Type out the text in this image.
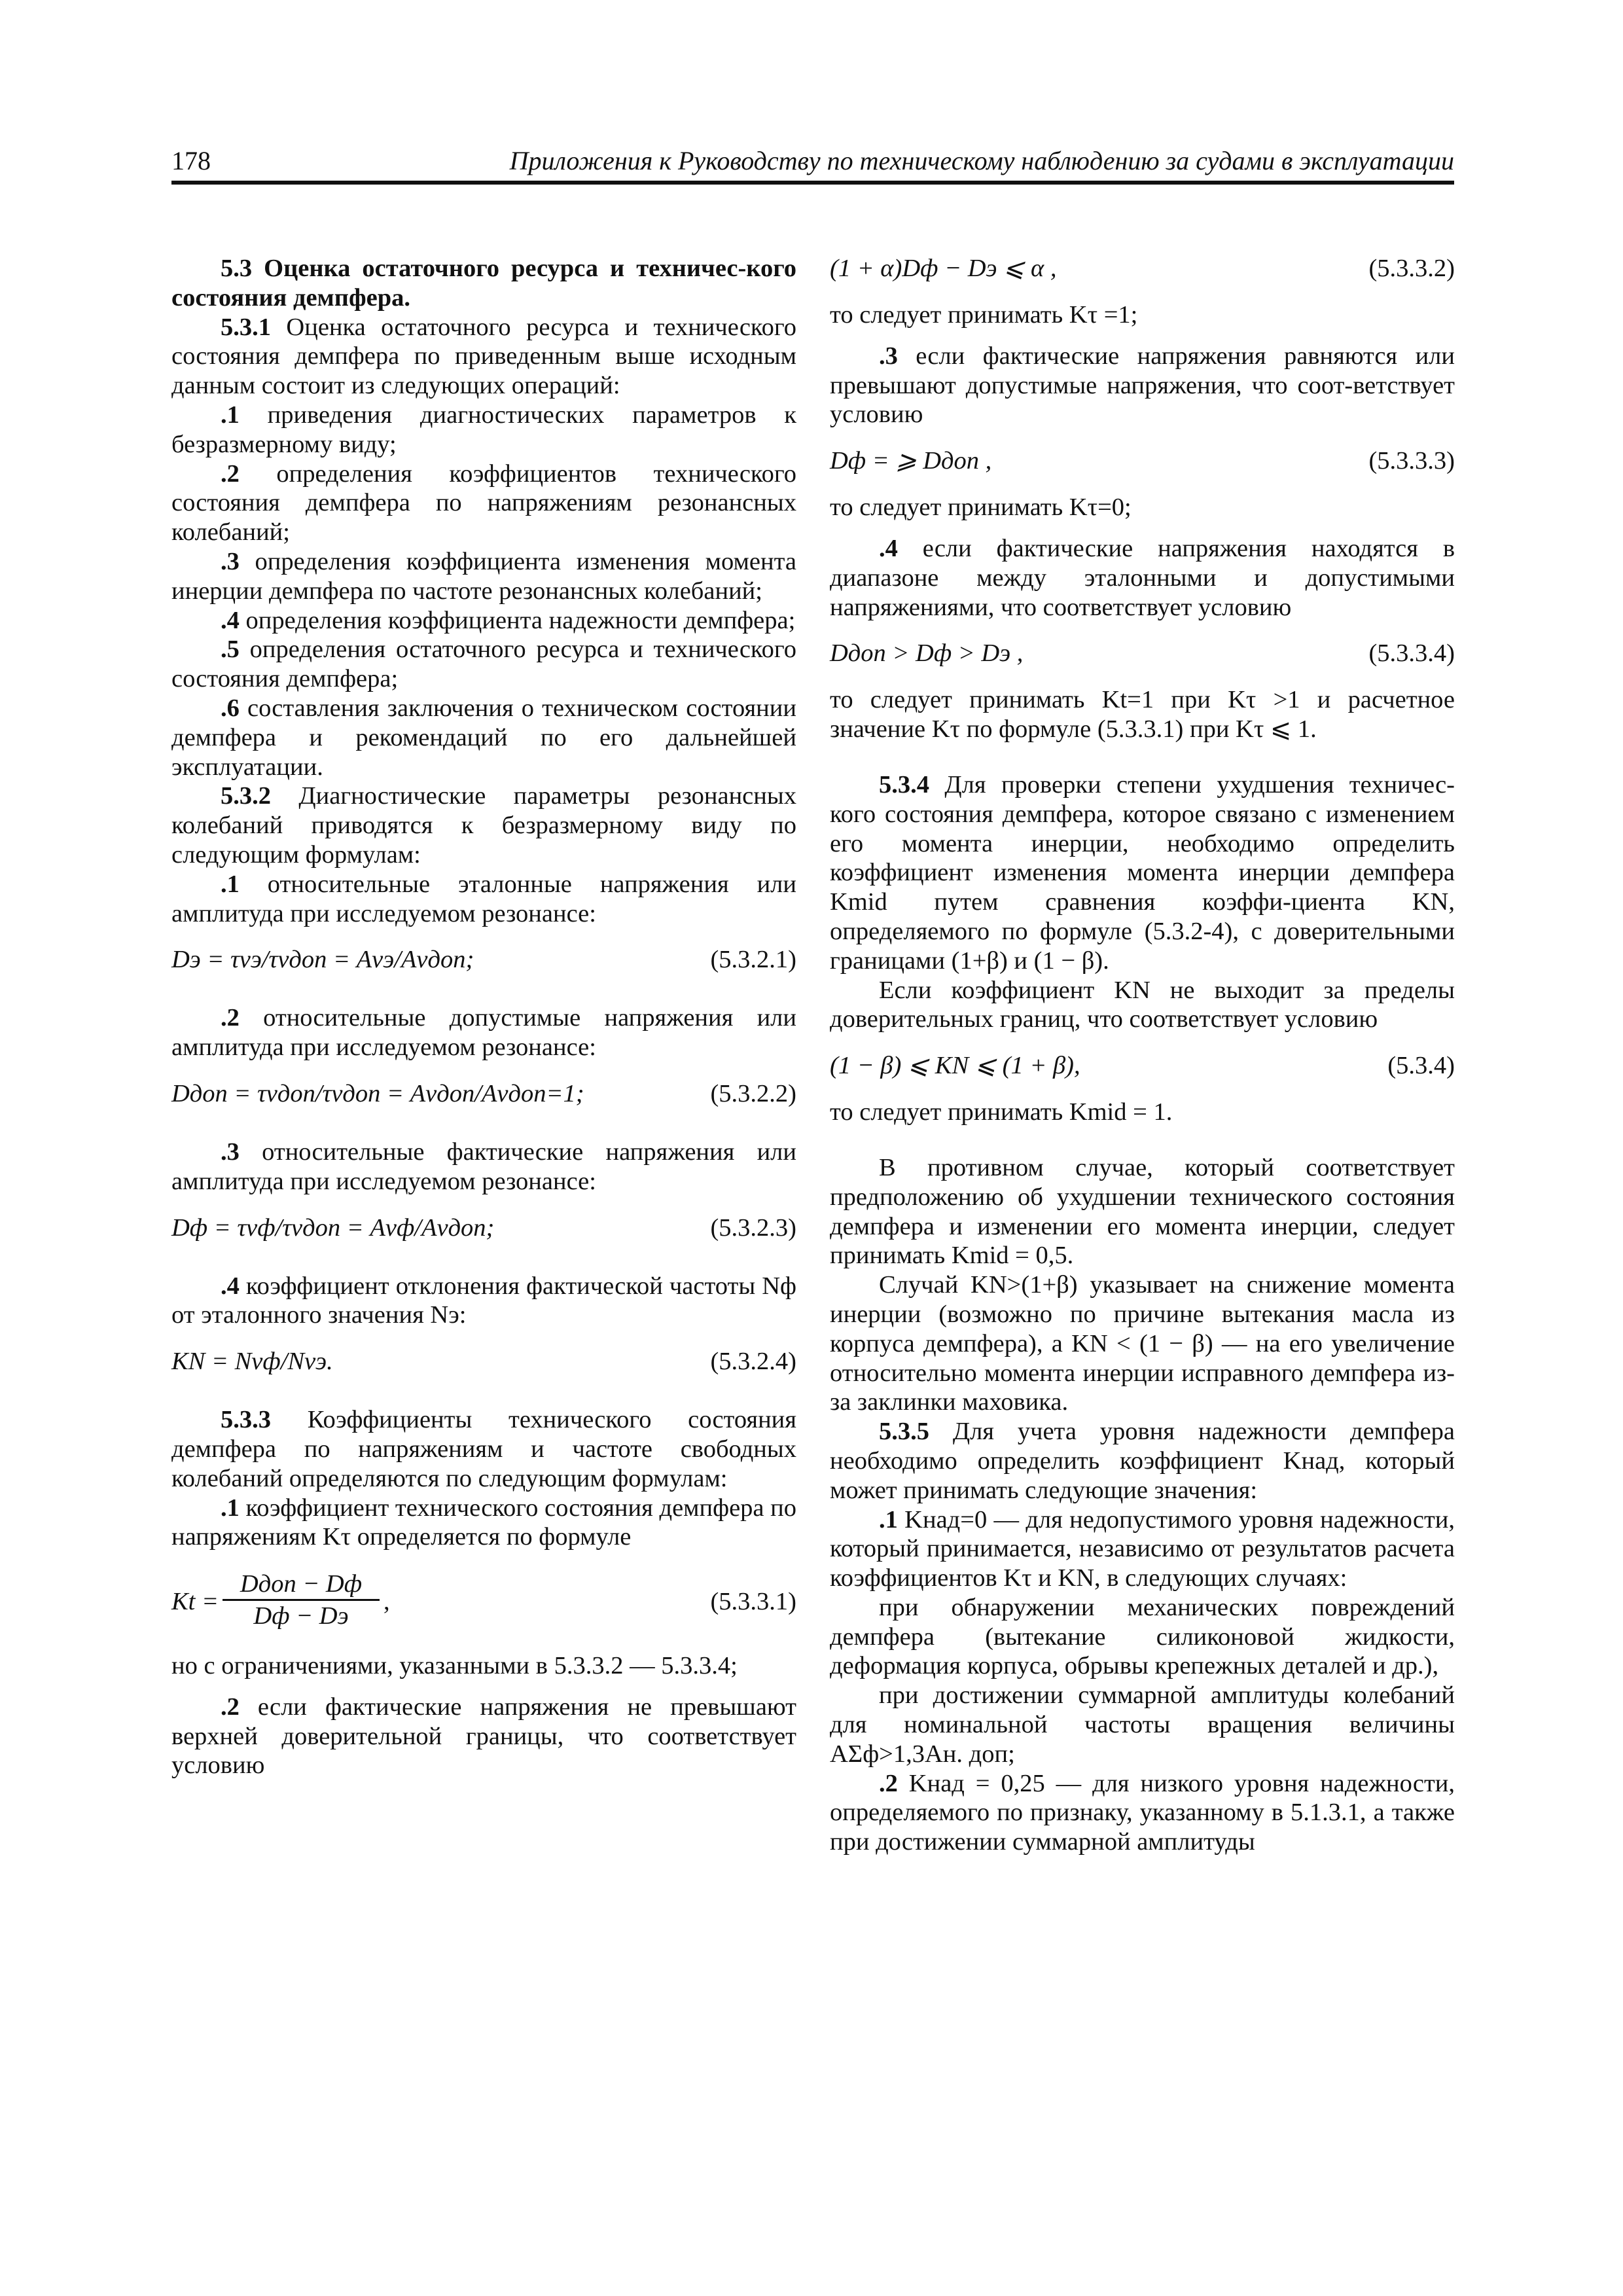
178	Приложения к Руководству по техническому наблюдению за судами в эксплуатации

5.3 Оценка остаточного ресурса и техничес-кого состояния демпфера.

5.3.1 Оценка остаточного ресурса и технического состояния демпфера по приведенным выше исходным данным состоит из следующих операций:

.1 приведения диагностических параметров к безразмерному виду;

.2 определения коэффициентов технического состояния демпфера по напряжениям резонансных колебаний;

.3 определения коэффициента изменения момента инерции демпфера по частоте резонансных колебаний;

.4 определения коэффициента надежности демпфера;

.5 определения остаточного ресурса и технического состояния демпфера;

.6 составления заключения о техническом состоянии демпфера и рекомендаций по его дальнейшей эксплуатации.

5.3.2 Диагностические параметры резонансных колебаний приводятся к безразмерному виду по следующим формулам:

.1 относительные эталонные напряжения или амплитуда при исследуемом резонансе:

Dэ = τνэ/τνдоп = Aνэ/Aνдоп;	(5.3.2.1)

.2 относительные допустимые напряжения или амплитуда при исследуемом резонансе:

Dдоп = τνдоп/τνдоп = Aνдоп/Aνдоп=1;	(5.3.2.2)

.3 относительные фактические напряжения или амплитуда при исследуемом резонансе:

Dф = τνф/τνдоп = Aνф/Aνдоп;	(5.3.2.3)

.4 коэффициент отклонения фактической частоты Nф от эталонного значения Nэ:

KN = Nνф/Nνэ.	(5.3.2.4)

5.3.3 Коэффициенты технического состояния демпфера по напряжениям и частоте свободных колебаний определяются по следующим формулам:

.1 коэффициент технического состояния демпфера по напряжениям Kτ определяется по формуле

Kt =
Dдоп − Dф
Dф − Dэ
,	(5.3.3.1)

но с ограничениями, указанными в 5.3.3.2 — 5.3.3.4;

.2 если фактические напряжения не превышают верхней доверительной границы, что соответствует условию

(1 + α)Dф − Dэ ⩽ α ,	(5.3.3.2)

то следует принимать Kτ =1;

.3 если фактические напряжения равняются или превышают допустимые напряжения, что соот-ветствует условию

Dф = ⩾ Dдоп ,	(5.3.3.3)

то следует принимать Kτ=0;

.4 если фактические напряжения находятся в диапазоне между эталонными и допустимыми напряжениями, что соответствует условию

Dдоп > Dф > Dэ ,	(5.3.3.4)

то следует принимать Kt=1 при Kτ >1 и расчетное значение Kτ по формуле (5.3.3.1) при Kτ ⩽ 1.

5.3.4 Для проверки степени ухудшения техничес-кого состояния демпфера, которое связано с изменением его момента инерции, необходимо определить коэффициент изменения момента инерции демпфера Kmid путем сравнения коэффи-циента KN, определяемого по формуле (5.3.2-4), с доверительными границами (1+β) и (1 − β).

Если коэффициент KN не выходит за пределы доверительных границ, что соответствует условию

(1 − β) ⩽ KN ⩽ (1 + β),	(5.3.4)

то следует принимать Kmid = 1.

В противном случае, который соответствует предположению об ухудшении технического состояния демпфера и изменении его момента инерции, следует принимать Kmid = 0,5.

Случай KN>(1+β) указывает на снижение момента инерции (возможно по причине вытекания масла из корпуса демпфера), а KN < (1 − β) — на его увеличение относительно момента инерции исправного демпфера из-за заклинки маховика.

5.3.5 Для учета уровня надежности демпфера необходимо определить коэффициент Kнад, который может принимать следующие значения:

.1 Kнад=0 — для недопустимого уровня надежности, который принимается, независимо от результатов расчета коэффициентов Kτ и KN, в следующих случаях:

при обнаружении механических повреждений демпфера (вытекание силиконовой жидкости, деформация корпуса, обрывы крепежных деталей и др.),

при достижении суммарной амплитуды колебаний для номинальной частоты вращения величины AΣф>1,3Aн. доп;

.2 Kнад = 0,25 — для низкого уровня надежности, определяемого по признаку, указанному в 5.1.3.1, а также при достижении суммарной амплитуды
